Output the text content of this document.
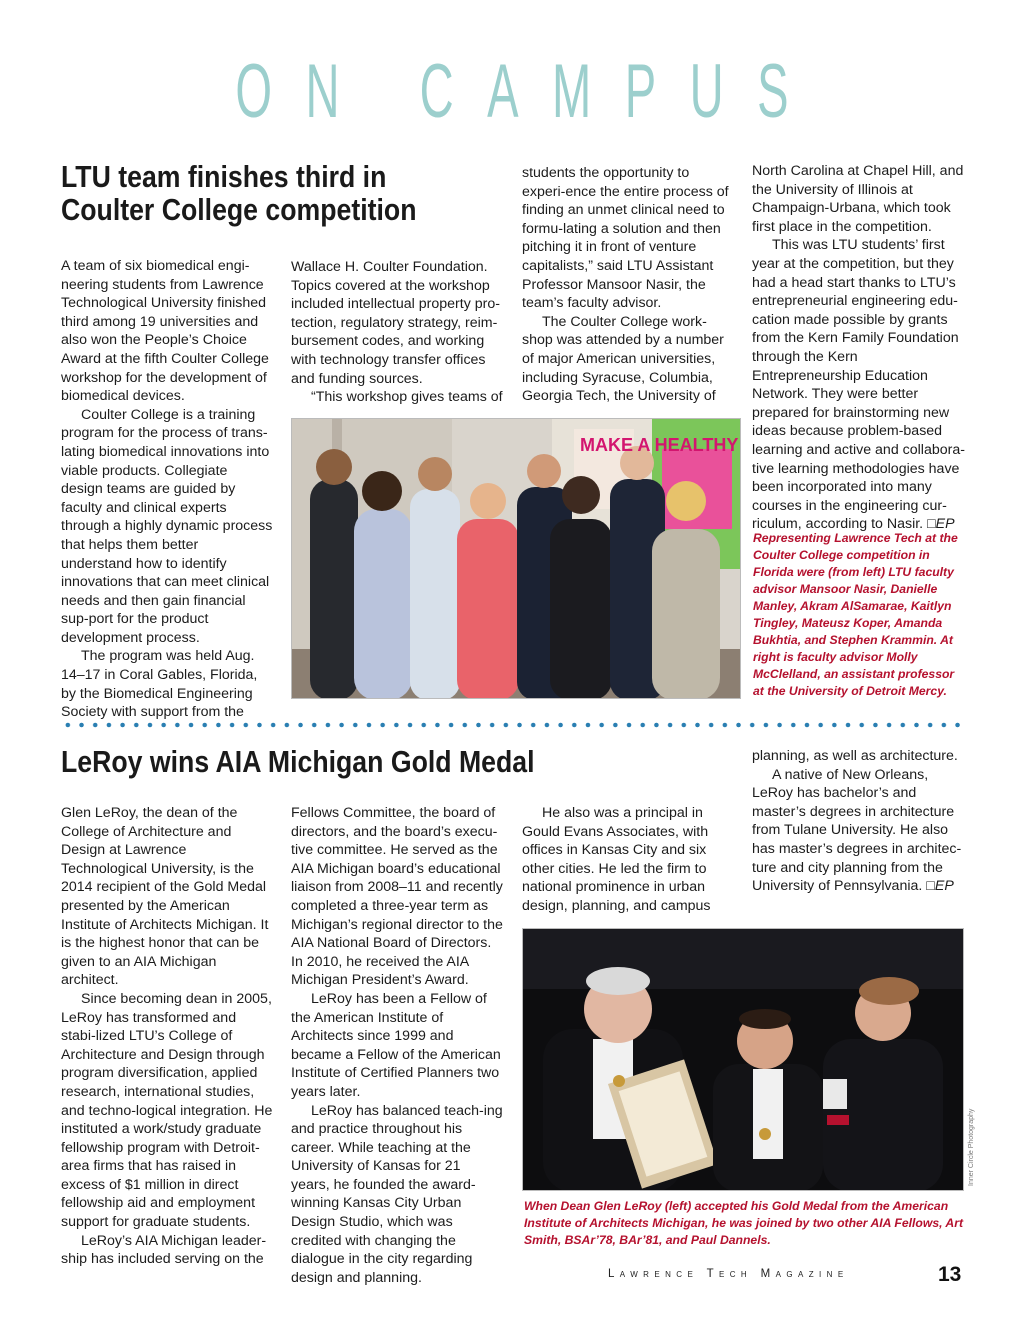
ON CAMPUS
LTU team finishes third in Coulter College competition

A team of six biomedical engi-neering students from Lawrence Technological University finished third among 19 universities and also won the People’s Choice Award at the fifth Coulter College workshop for the development of biomedical devices.

Coulter College is a training program for the process of trans-lating biomedical innovations into viable products. Collegiate design teams are guided by faculty and clinical experts through a highly dynamic process that helps them better understand how to identify innovations that can meet clinical needs and then gain financial sup-port for the product development process.

The program was held Aug. 14–17 in Coral Gables, Florida, by the Biomedical Engineering Society with support from the

Wallace H. Coulter Foundation. Topics covered at the workshop included intellectual property pro-tection, regulatory strategy, reim-bursement codes, and working with technology transfer offices and funding sources.

“This workshop gives teams of

students the opportunity to experi-ence the entire process of finding an unmet clinical need to formu-lating a solution and then pitching it in front of venture capitalists,” said LTU Assistant Professor Mansoor Nasir, the team’s faculty advisor.

The Coulter College work-shop was attended by a number of major American universities, including Syracuse, Columbia, Georgia Tech, the University of

North Carolina at Chapel Hill, and the University of Illinois at Champaign-Urbana, which took first place in the competition.

This was LTU students’ first year at the competition, but they had a head start thanks to LTU’s entrepreneurial engineering edu-cation made possible by grants from the Kern Family Foundation through the Kern Entrepreneurship Education Network. They were better prepared for brainstorming new ideas because problem-based learning and active and collabora-tive learning methodologies have been incorporated into many courses in the engineering cur-riculum, according to Nasir. □EP

MAKE A HEALTHY
Representing Lawrence Tech at the Coulter College competition in Florida were (from left) LTU faculty advisor Mansoor Nasir, Danielle Manley, Akram AlSamarae, Kaitlyn Tingley, Mateusz Koper, Amanda Bukhtia, and Stephen Krammin. At right is faculty advisor Molly McClelland, an assistant professor at the University of Detroit Mercy.
LeRoy wins AIA Michigan Gold Medal

Glen LeRoy, the dean of the College of Architecture and Design at Lawrence Technological University, is the 2014 recipient of the Gold Medal presented by the American Institute of Architects Michigan. It is the highest honor that can be given to an AIA Michigan architect.

Since becoming dean in 2005, LeRoy has transformed and stabi-lized LTU’s College of Architecture and Design through program diversification, applied research, international studies, and techno-logical integration. He instituted a work/study graduate fellowship program with Detroit-area firms that has raised in excess of $1 million in direct fellowship aid and employment support for graduate students.

LeRoy’s AIA Michigan leader-ship has included serving on the

Fellows Committee, the board of directors, and the board’s execu-tive committee. He served as the AIA Michigan board’s educational liaison from 2008–11 and recently completed a three-year term as Michigan’s regional director to the AIA National Board of Directors. In 2010, he received the AIA Michigan President’s Award.

LeRoy has been a Fellow of the American Institute of Architects since 1999 and became a Fellow of the American Institute of Certified Planners two years later.

LeRoy has balanced teach-ing and practice throughout his career. While teaching at the University of Kansas for 21 years, he founded the award-winning Kansas City Urban Design Studio, which was credited with changing the dialogue in the city regarding design and planning.

He also was a principal in Gould Evans Associates, with offices in Kansas City and six other cities. He led the firm to national prominence in urban design, planning, and campus

planning, as well as architecture.

A native of New Orleans, LeRoy has bachelor’s and master’s degrees in architecture from Tulane University. He also has master’s degrees in architec-ture and city planning from the University of Pennsylvania. □EP

Inner Circle Photography
When Dean Glen LeRoy (left) accepted his Gold Medal from the American Institute of Architects Michigan, he was joined by two other AIA Fellows, Art Smith, BSAr’78, BAr’81, and Paul Dannels.
Lawrence Tech Magazine	13
